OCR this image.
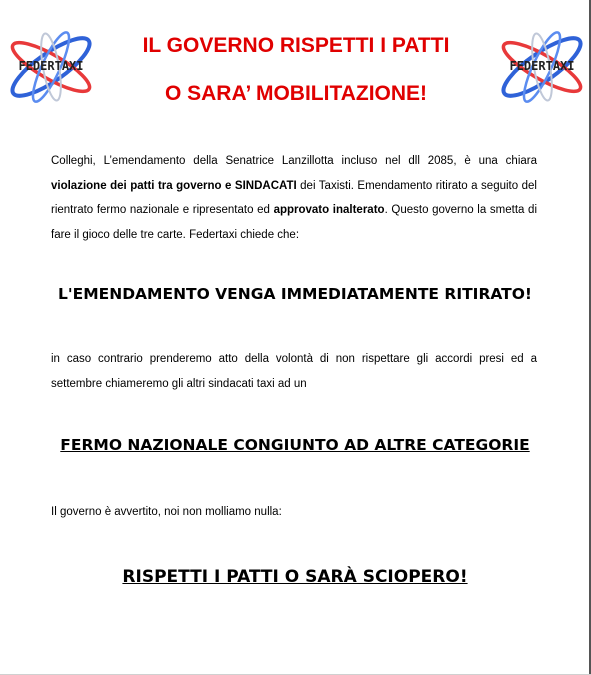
FEDERTAXI	FEDERTAXI
IL GOVERNO RISPETTI I PATTI
O SARA’ MOBILITAZIONE!
Colleghi, L’emendamento della Senatrice Lanzillotta incluso nel dll 2085, è una chiara violazione dei patti tra governo e SINDACATI dei Taxisti. Emendamento ritirato a seguito del rientrato fermo nazionale e ripresentato ed approvato inalterato. Questo governo la smetta di fare il gioco delle tre carte. Federtaxi chiede che:
L'EMENDAMENTO VENGA IMMEDIATAMENTE RITIRATO!
in caso contrario prenderemo atto della volontà di non rispettare gli accordi presi ed a settembre chiameremo gli altri sindacati taxi ad un
FERMO NAZIONALE CONGIUNTO AD ALTRE CATEGORIE
Il governo è avvertito, noi non molliamo nulla:
RISPETTI I PATTI O SARÀ SCIOPERO!
